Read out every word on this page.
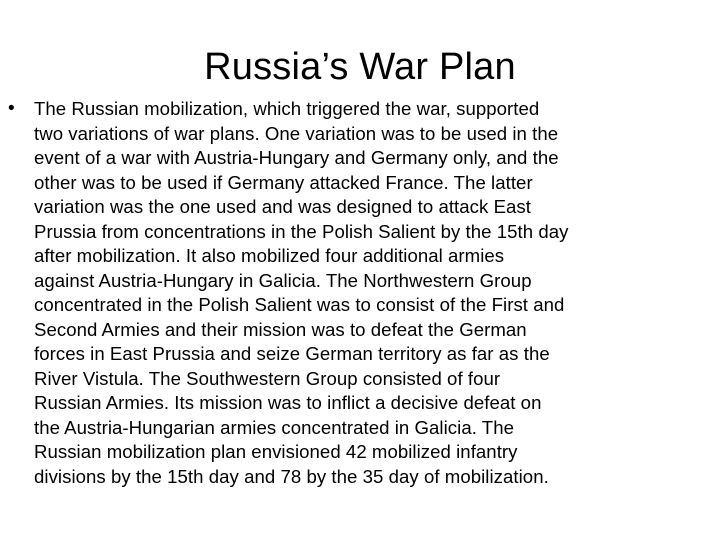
Russia’s War Plan
•	The Russian mobilization, which triggered the war, supported
two variations of war plans. One variation was to be used in the
event of a war with Austria-Hungary and Germany only, and the
other was to be used if Germany attacked France. The latter
variation was the one used and was designed to attack East
Prussia from concentrations in the Polish Salient by the 15th day
after mobilization. It also mobilized four additional armies
against Austria-Hungary in Galicia. The Northwestern Group
concentrated in the Polish Salient was to consist of the First and
Second Armies and their mission was to defeat the German
forces in East Prussia and seize German territory as far as the
River Vistula. The Southwestern Group consisted of four
Russian Armies. Its mission was to inflict a decisive defeat on
the Austria-Hungarian armies concentrated in Galicia. The
Russian mobilization plan envisioned 42 mobilized infantry
divisions by the 15th day and 78 by the 35 day of mobilization.
